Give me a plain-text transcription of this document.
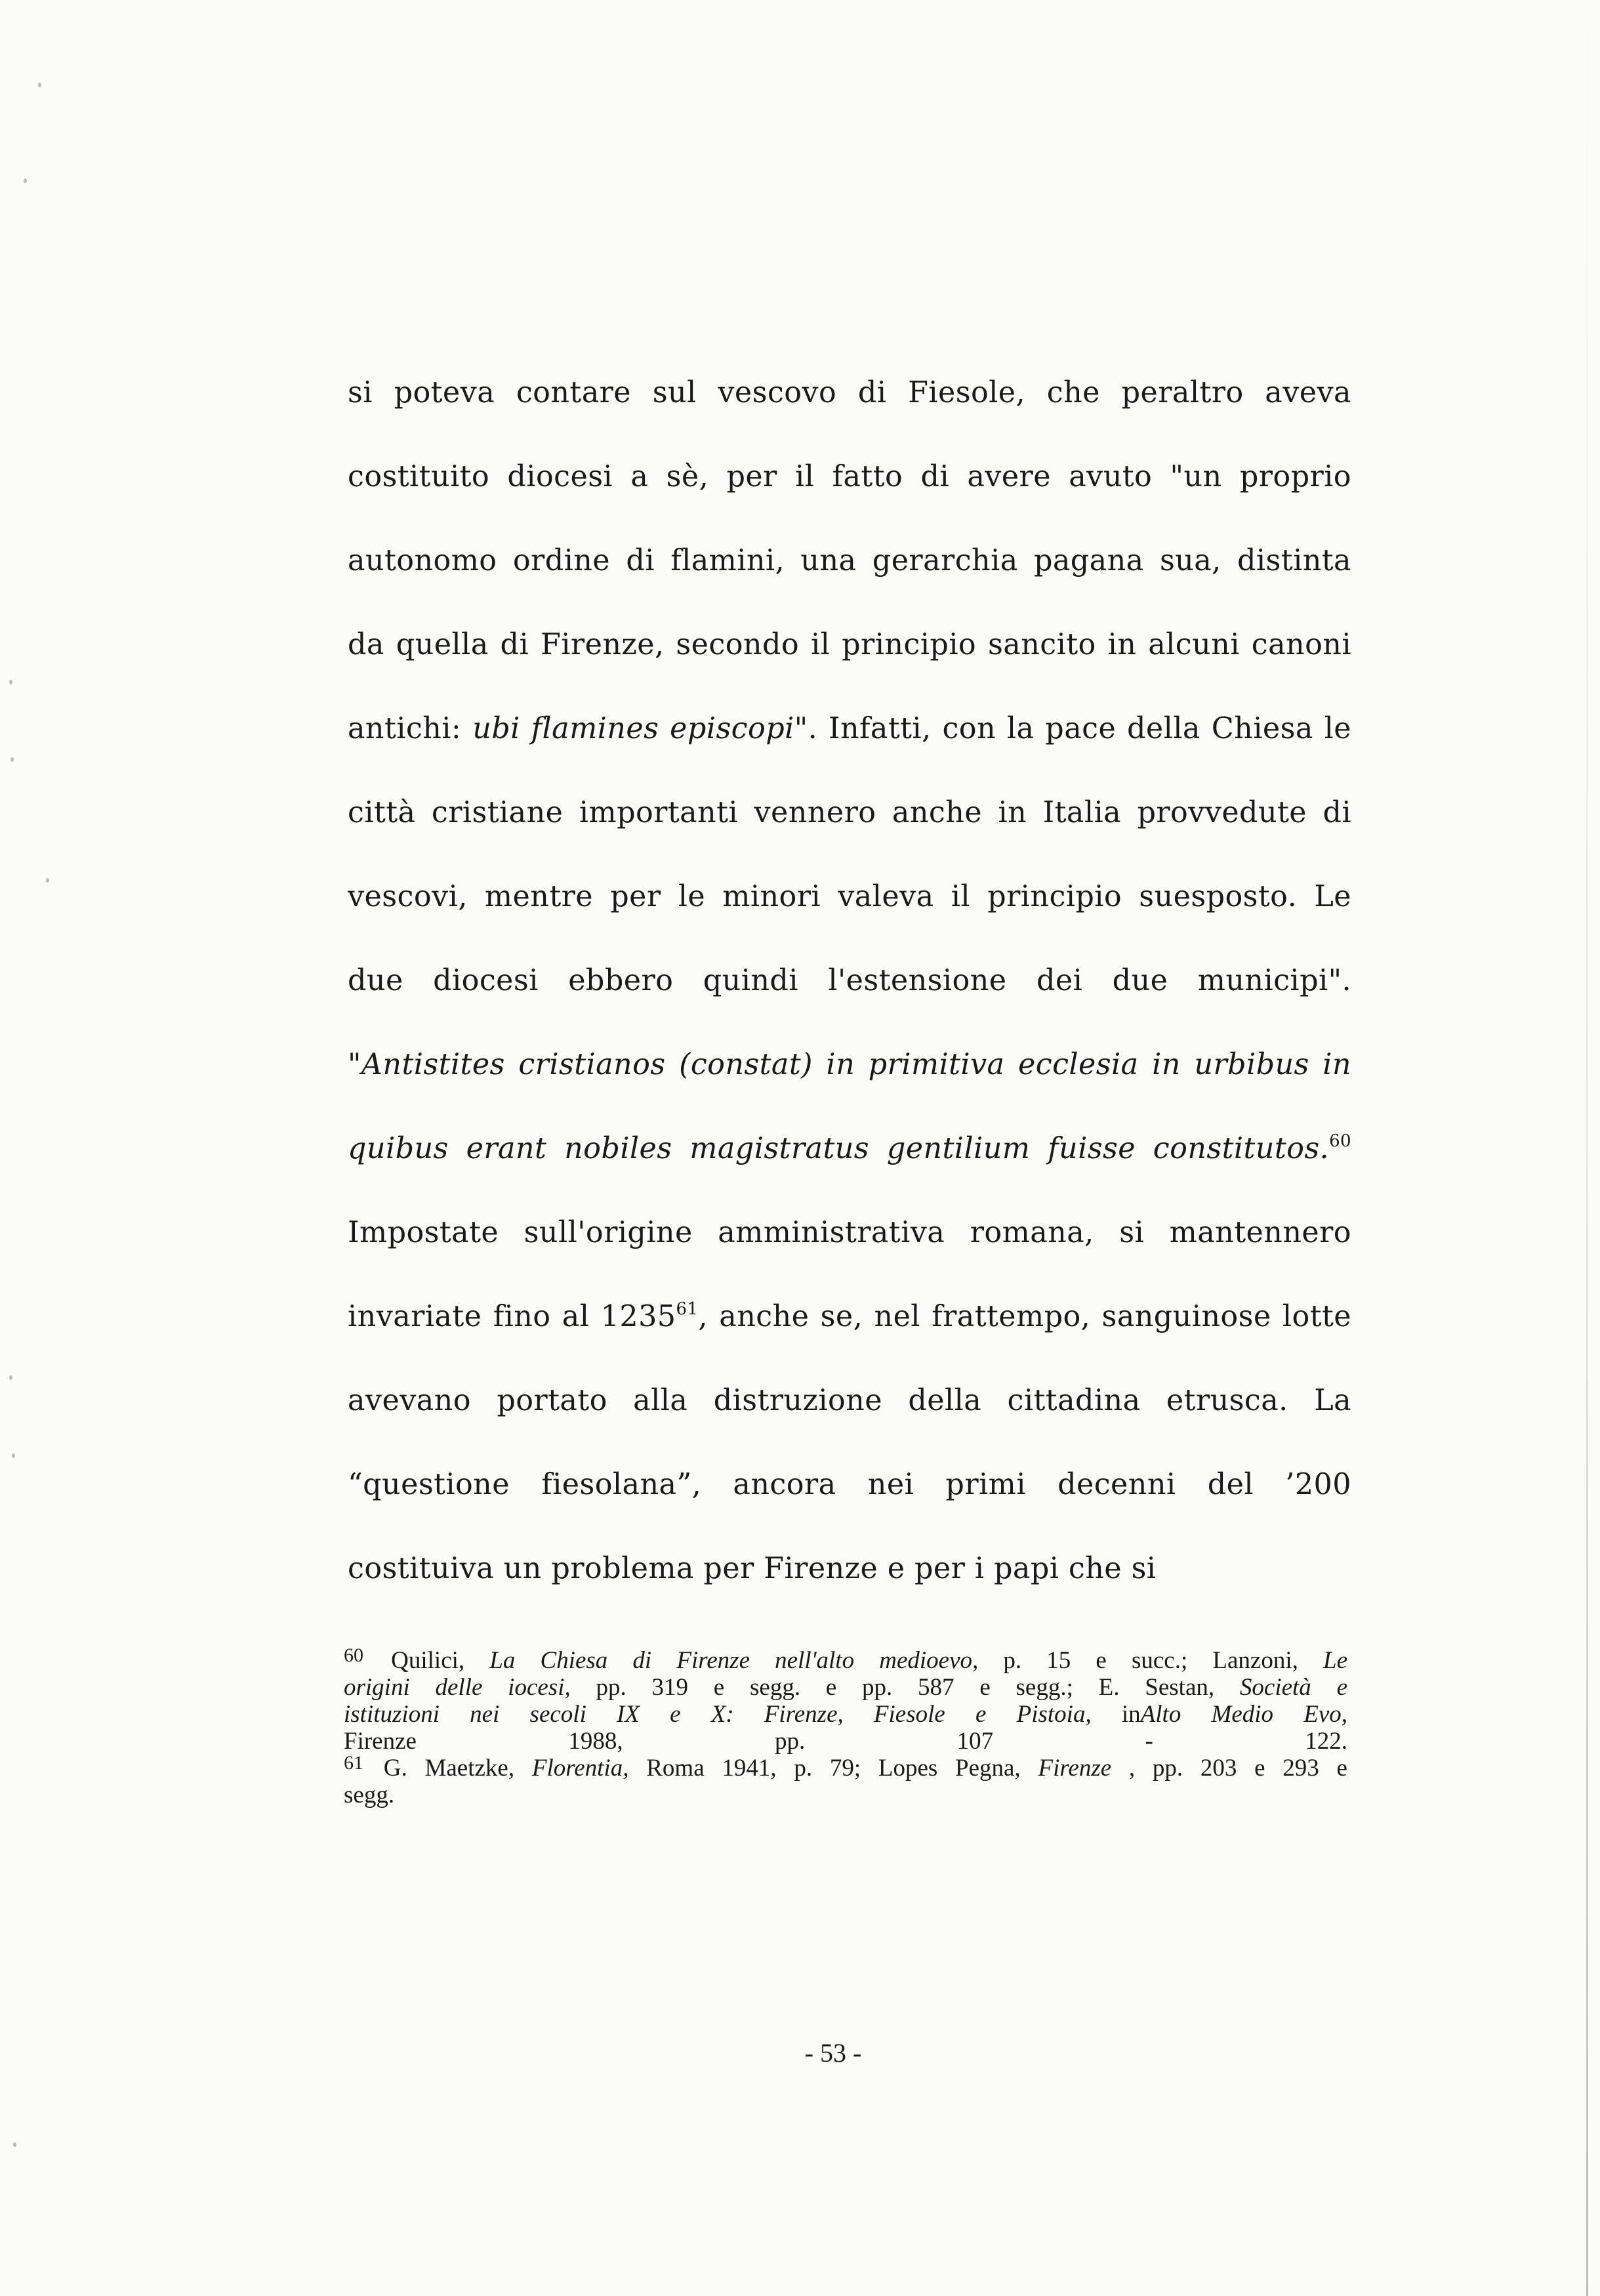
si poteva contare sul vescovo di Fiesole, che peraltro aveva
costituito diocesi a sè, per il fatto di avere avuto "un proprio
autonomo ordine di flamini, una gerarchia pagana sua, distinta
da quella di Firenze, secondo il principio sancito in alcuni canoni
antichi: ubi flamines episcopi". Infatti, con la pace della Chiesa le
città cristiane importanti vennero anche in Italia provvedute di
vescovi, mentre per le minori valeva il principio suesposto. Le
due diocesi ebbero quindi l'estensione dei due municipi".
"Antistites cristianos (constat) in primitiva ecclesia in urbibus in
quibus erant nobiles magistratus gentilium fuisse constitutos.$^{60}$
Impostate sull'origine amministrativa romana, si mantennero
invariate fino al 1235$^{61}$, anche se, nel frattempo, sanguinose lotte
avevano portato alla distruzione della cittadina etrusca. La
“questione fiesolana”, ancora nei primi decenni del ’200
costituiva un problema per Firenze e per i papi che si
$^{60}$ Quilici, La Chiesa di Firenze nell'alto medioevo, p. 15 e succ.; Lanzoni, Le
origini delle iocesi, pp. 319 e segg. e pp. 587 e segg.; E. Sestan, Società e
istituzioni nei secoli IX e X: Firenze, Fiesole e Pistoia, inAlto Medio Evo,
Firenze 1988, pp. 107 - 122.
$^{61}$ G. Maetzke, Florentia, Roma 1941, p. 79; Lopes Pegna, Firenze , pp. 203 e 293 e
segg.
- 53 -
